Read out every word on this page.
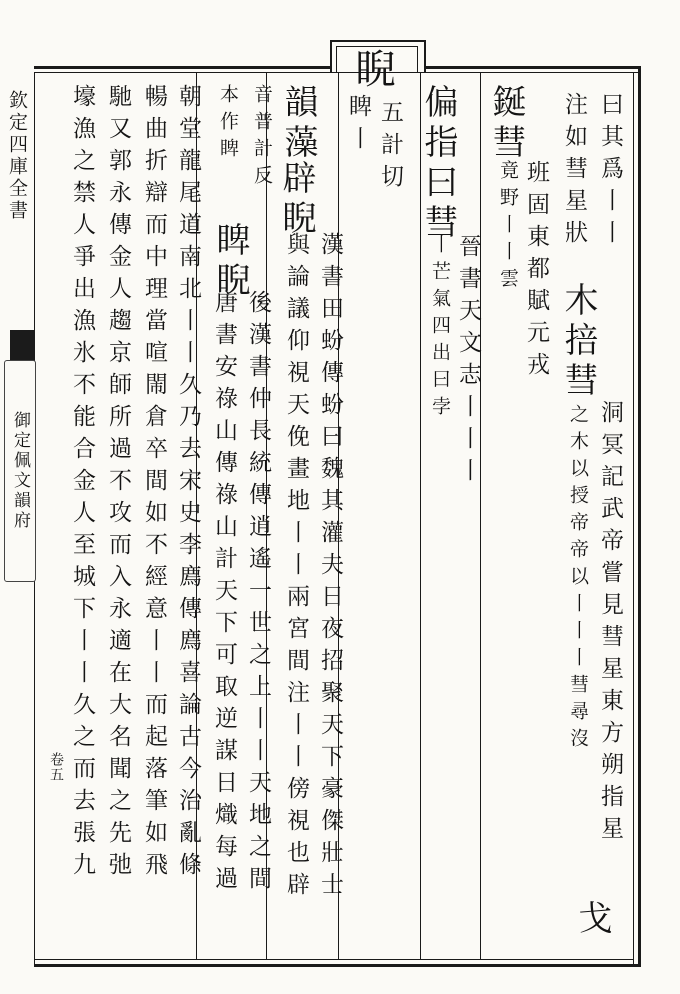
欽定四庫全書
御定佩文韻府
卷五
曰其爲丨丨
注如彗星狀
木掊彗
洞冥記武帝嘗見彗星東方朔指星
之木以授帝帝以丨丨丨彗尋沒
戈
鋋彗
班固東都賦元戎
竟野丨丨雲
偏指曰彗
晉書天文志丨丨丨
丨芒氣四出曰孛
睨
五計切
睥丨
韻藻
音普計反
本作睥
辟睨
漢書田蚡傳蚡曰魏其灌夫日夜招聚天下豪傑壯士
與論議仰視天俛畫地丨丨兩宮間注丨丨傍視也辟
睥睨
後漢書仲長統傳逍遙一世之上丨丨天地之間
唐書安祿山傳祿山計天下可取逆謀日熾每過
朝堂龍尾道南北丨丨久乃去宋史李廌傳廌喜論古今治亂條
暢曲折辯而中理當喧閙倉卒間如不經意丨丨而起落筆如飛
馳又郭永傳金人趨京師所過不攻而入永適在大名聞之先弛
壕漁之禁人爭出漁氷不能合金人至城下丨丨久之而去張九
